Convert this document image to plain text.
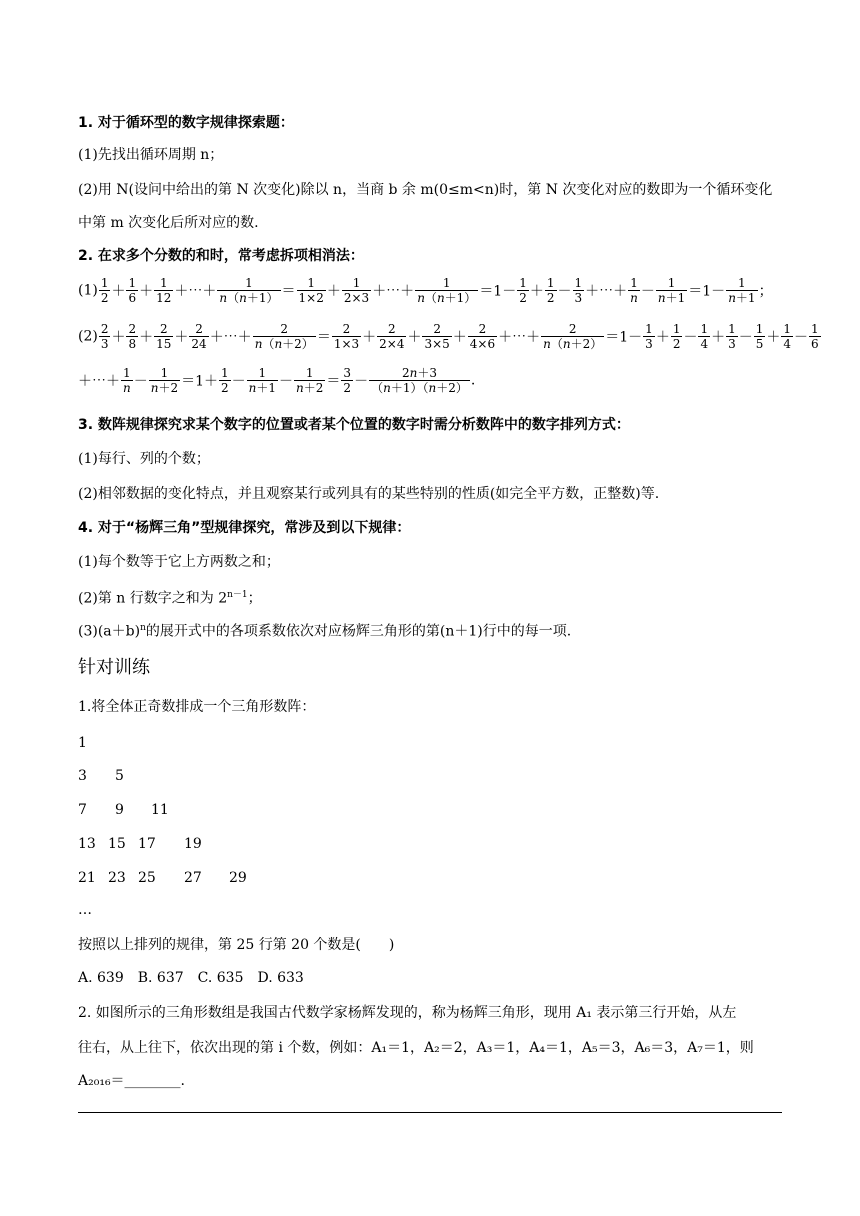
1. 对于循环型的数字规律探索题：
(1)先找出循环周期 n；
(2)用 N(设问中给出的第 N 次变化)除以 n，当商 b 余 m(0≤m<n)时，第 N 次变化对应的数即为一个循环变化
中第 m 次变化后所对应的数.
2. 在求多个分数的和时，常考虑拆项相消法：
$(1) \frac{1}{2} + \frac{1}{6} + \frac{1}{12}$ ＋⋯＋ $\frac{1}{n(n+1)} = \frac{1}{1\times 2} + \frac{1}{2\times 3}$ ＋⋯＋ $\frac{1}{n(n+1)} =1- \frac{1}{2} + \frac{1}{2} - \frac{1}{3}$ ＋⋯＋ $\frac{1}{n} - \frac{1}{n+1} =1- \frac{1}{n+1}$ ；
$(2) \frac{2}{3} + \frac{2}{8} + \frac{2}{15} + \frac{2}{24}$ ＋⋯＋ $\frac{2}{n(n+2)} = \frac{2}{1\times 3} + \frac{2}{2\times 4} + \frac{2}{3\times 5} + \frac{2}{4\times 6}$ ＋⋯＋ $\frac{2}{n(n+2)} =1- \frac{1}{3} + \frac{1}{2} - \frac{1}{4} + \frac{1}{3} - \frac{1}{5} + \frac{1}{4} - \frac{1}{6}$
＋⋯＋ $\frac{1}{n} - \frac{1}{n+2} =1+ \frac{1}{2} - \frac{1}{n+1} - \frac{1}{n+2} = \frac{3}{2} - \frac{2n+3}{(n+1)(n+2)}$ .
3. 数阵规律探究求某个数字的位置或者某个位置的数字时需分析数阵中的数字排列方式：
(1)每行、列的个数；
(2)相邻数据的变化特点，并且观察某行或列具有的某些特别的性质(如完全平方数，正整数)等.
4. 对于“杨辉三角”型规律探究，常涉及到以下规律：
(1)每个数等于它上方两数之和；
(2)第 n 行数字之和为 $2^{n-1}$；
$(3)(a+b)^n$的展开式中的各项系数依次对应杨辉三角形的第(n＋1)行中的每一项.
针对训练
1.将全体正奇数排成一个三角形数阵：
1
3 5
7 9 11
13 15 17 19
21 23 25 27 29
…
按照以上排列的规律，第 25 行第 20 个数是(　　)
A. 639　B. 637　C. 635　D. 633
2. 如图所示的三角形数组是我国古代数学家杨辉发现的，称为杨辉三角形，现用 A₁ 表示第三行开始，从左
往右，从上往下，依次出现的第 i 个数，例如：A₁＝1，A₂＝2，A₃＝1，A₄＝1，A₅＝3，A₆＝3，A₇＝1，则
A₂₀₁₆＝________.
